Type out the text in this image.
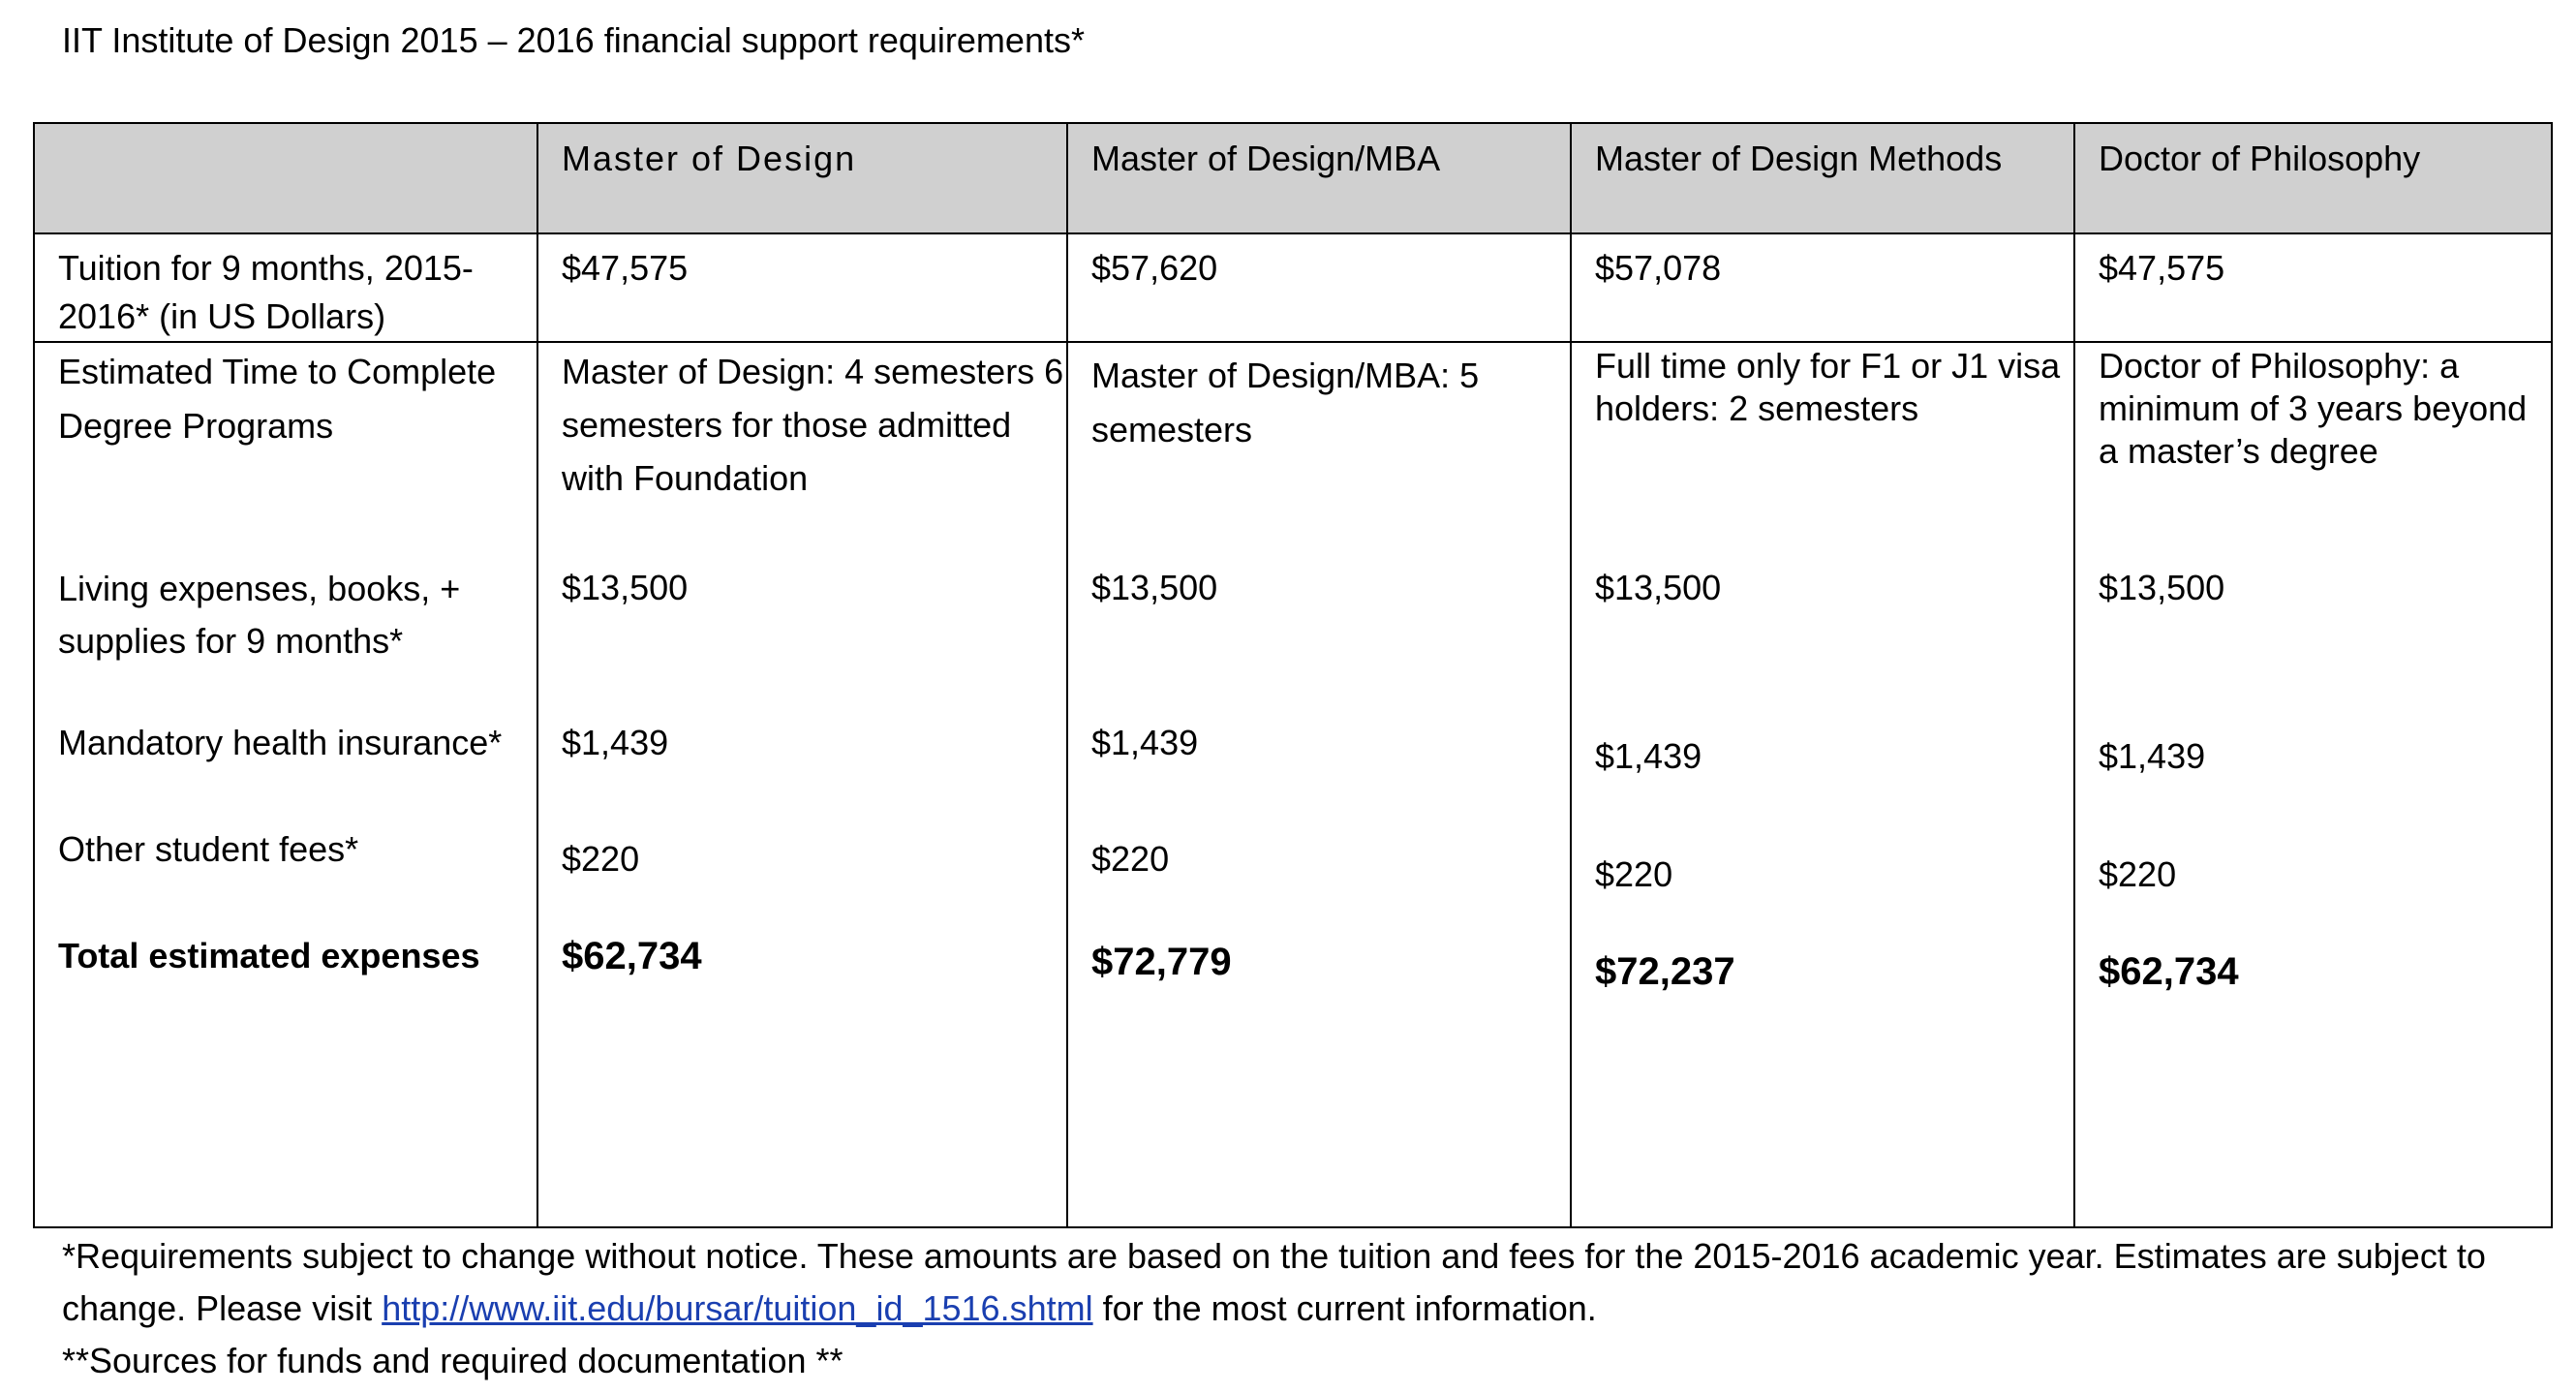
IIT Institute of Design 2015 – 2016 financial support requirements*
	Master of Design	Master of Design/MBA	Master of Design Methods	Doctor of Philosophy
Tuition for 9 months, 2015-2016* (in US Dollars)	$47,575	$57,620	$57,078	$47,575
Estimated Time to Complete Degree Programs	Master of Design: 4 semesters 6 semesters for those admitted with Foundation	Master of Design/MBA: 5 semesters	Full time only for F1 or J1 visa holders: 2 semesters	Doctor of Philosophy: a minimum of 3 years beyond a master’s degree
Living expenses, books, + supplies for 9 months*	$13,500	$13,500	$13,500	$13,500
Mandatory health insurance*	$1,439	$1,439	$1,439	$1,439
Other student fees*	$220	$220	$220	$220
Total estimated expenses	$62,734	$72,779	$72,237	$62,734
*Requirements subject to change without notice. These amounts are based on the tuition and fees for the 2015-2016 academic year. Estimates are subject to change. Please visit http://www.iit.edu/bursar/tuition_id_1516.shtml for the most current information.
**Sources for funds and required documentation **
